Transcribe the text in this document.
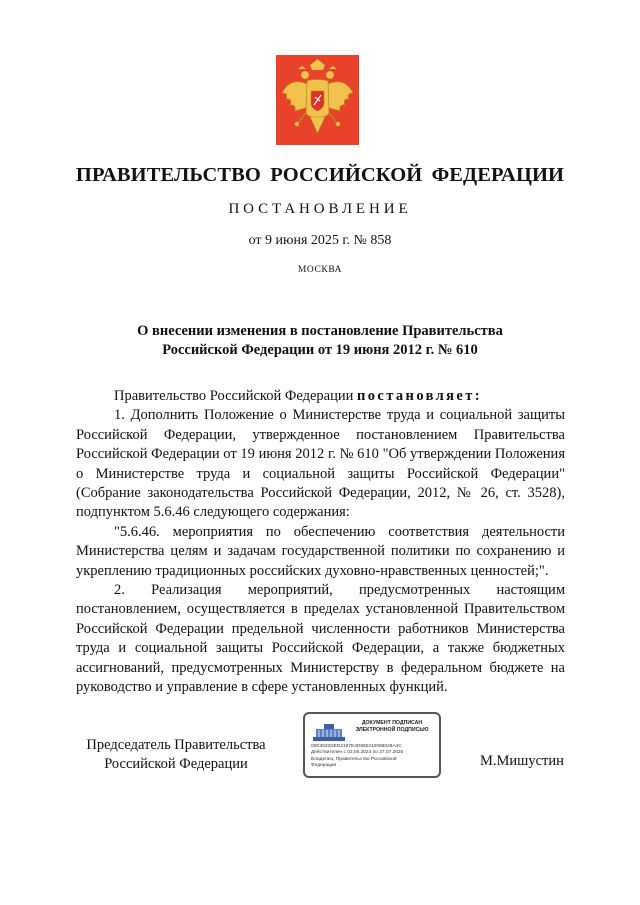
ПРАВИТЕЛЬСТВО РОССИЙСКОЙ ФЕДЕРАЦИИ
ПОСТАНОВЛЕНИЕ
от 9 июня 2025 г. № 858
МОСКВА
О внесении изменения в постановление Правительства
Российской Федерации от 19 июня 2012 г. № 610

Правительство Российской Федерации постановляет:

1. Дополнить Положение о Министерстве труда и социальной защиты Российской Федерации, утвержденное постановлением Правительства Российской Федерации от 19 июня 2012 г. № 610 "Об утверждении Положения о Министерстве труда и социальной защиты Российской Федерации" (Собрание законодательства Российской Федерации, 2012, № 26, ст. 3528), подпунктом 5.6.46 следующего содержания:

"5.6.46. мероприятия по обеспечению соответствия деятельности Министерства целям и задачам государственной политики по сохранению и укреплению традиционных российских духовно-нравственных ценностей;".

2. Реализация мероприятий, предусмотренных настоящим постановлением, осуществляется в пределах установленной Правительством Российской Федерации предельной численности работников Министерства труда и социальной защиты Российской Федерации, а также бюджетных ассигнований, предусмотренных Министерству в федеральном бюджете на руководство и управление в сфере установленных функций.

Председатель Правительства
Российской Федерации
ДОКУМЕНТ ПОДПИСАН
ЭЛЕКТРОННОЙ ПОДПИСЬЮ
00E3632DED2197E4D860210098028A4C
Действителен с 03.05.2024 по 27.07.2025
Владелец: Правительство Российской
Федерации	М.Мишустин
